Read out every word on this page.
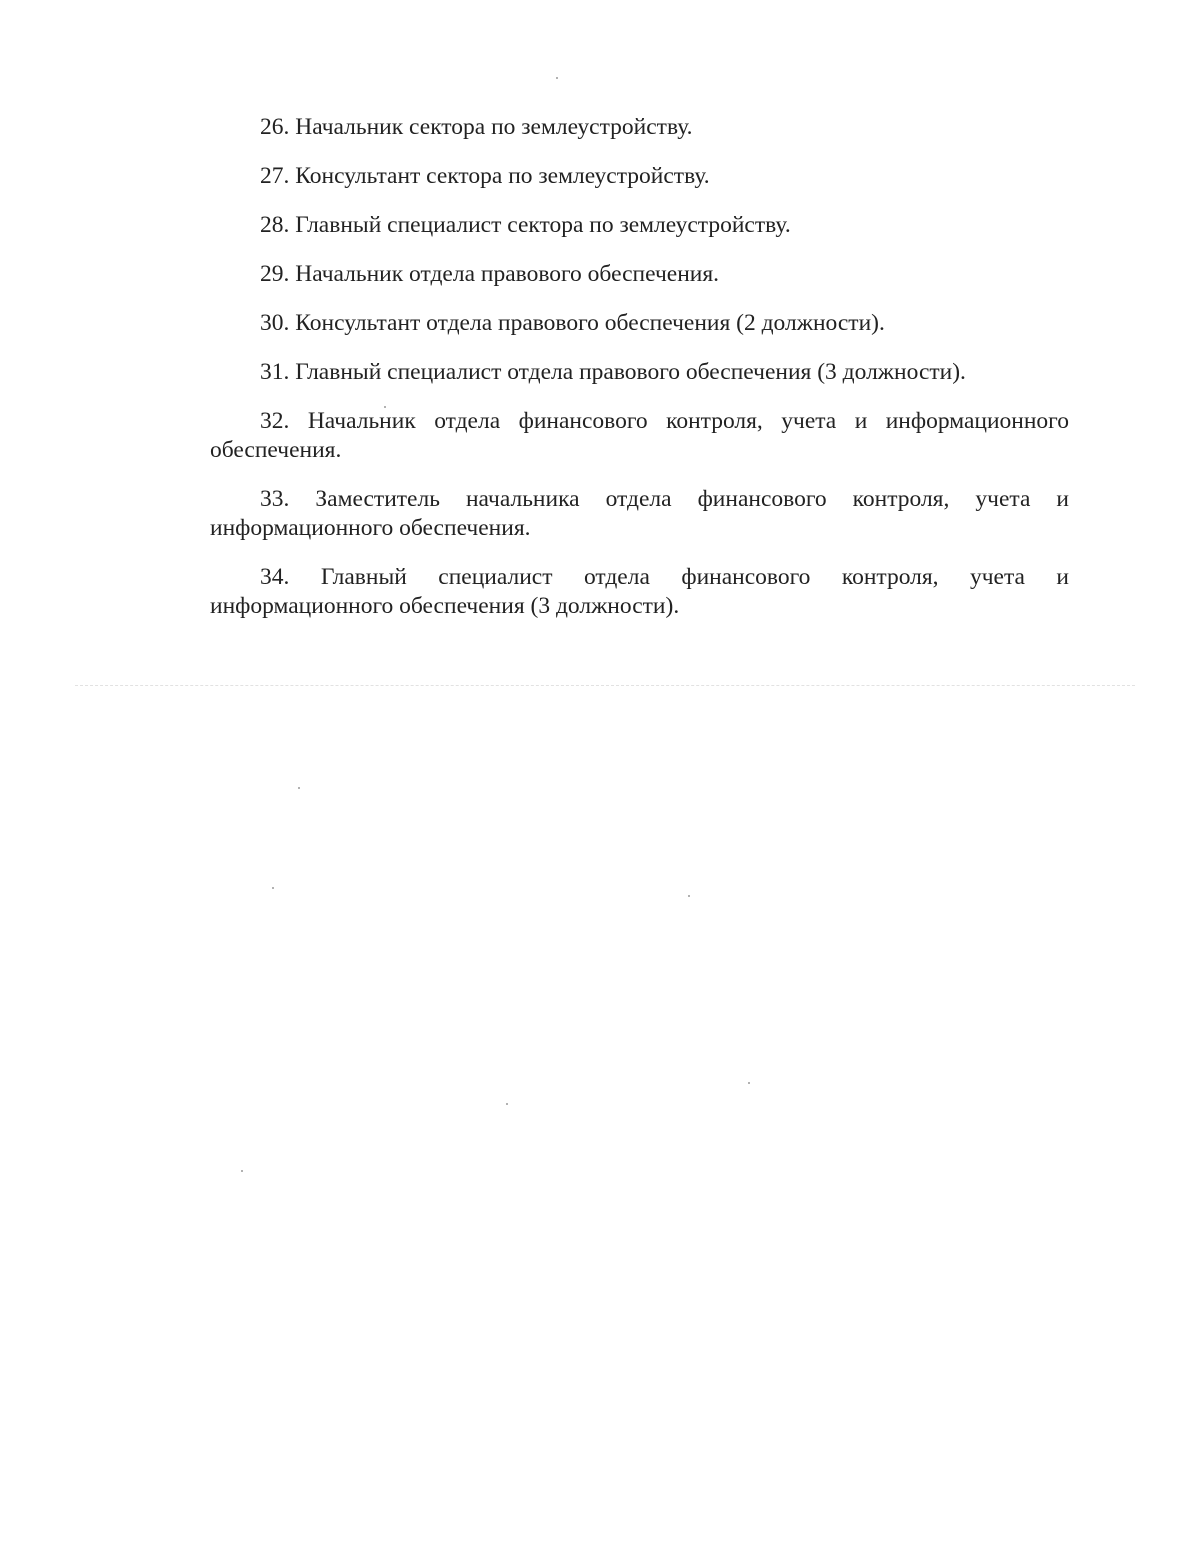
26. Начальник сектора по землеустройству.

27. Консультант сектора по землеустройству.

28. Главный специалист сектора по землеустройству.

29. Начальник отдела правового обеспечения.

30. Консультант отдела правового обеспечения (2 должности).

31. Главный специалист отдела правового обеспечения (3 должности).

32. Начальник отдела финансового контроля, учета и информационного обеспечения.

33. Заместитель начальника отдела финансового контроля, учета и информационного обеспечения.

34. Главный специалист отдела финансового контроля, учета и информационного обеспечения (3 должности).
